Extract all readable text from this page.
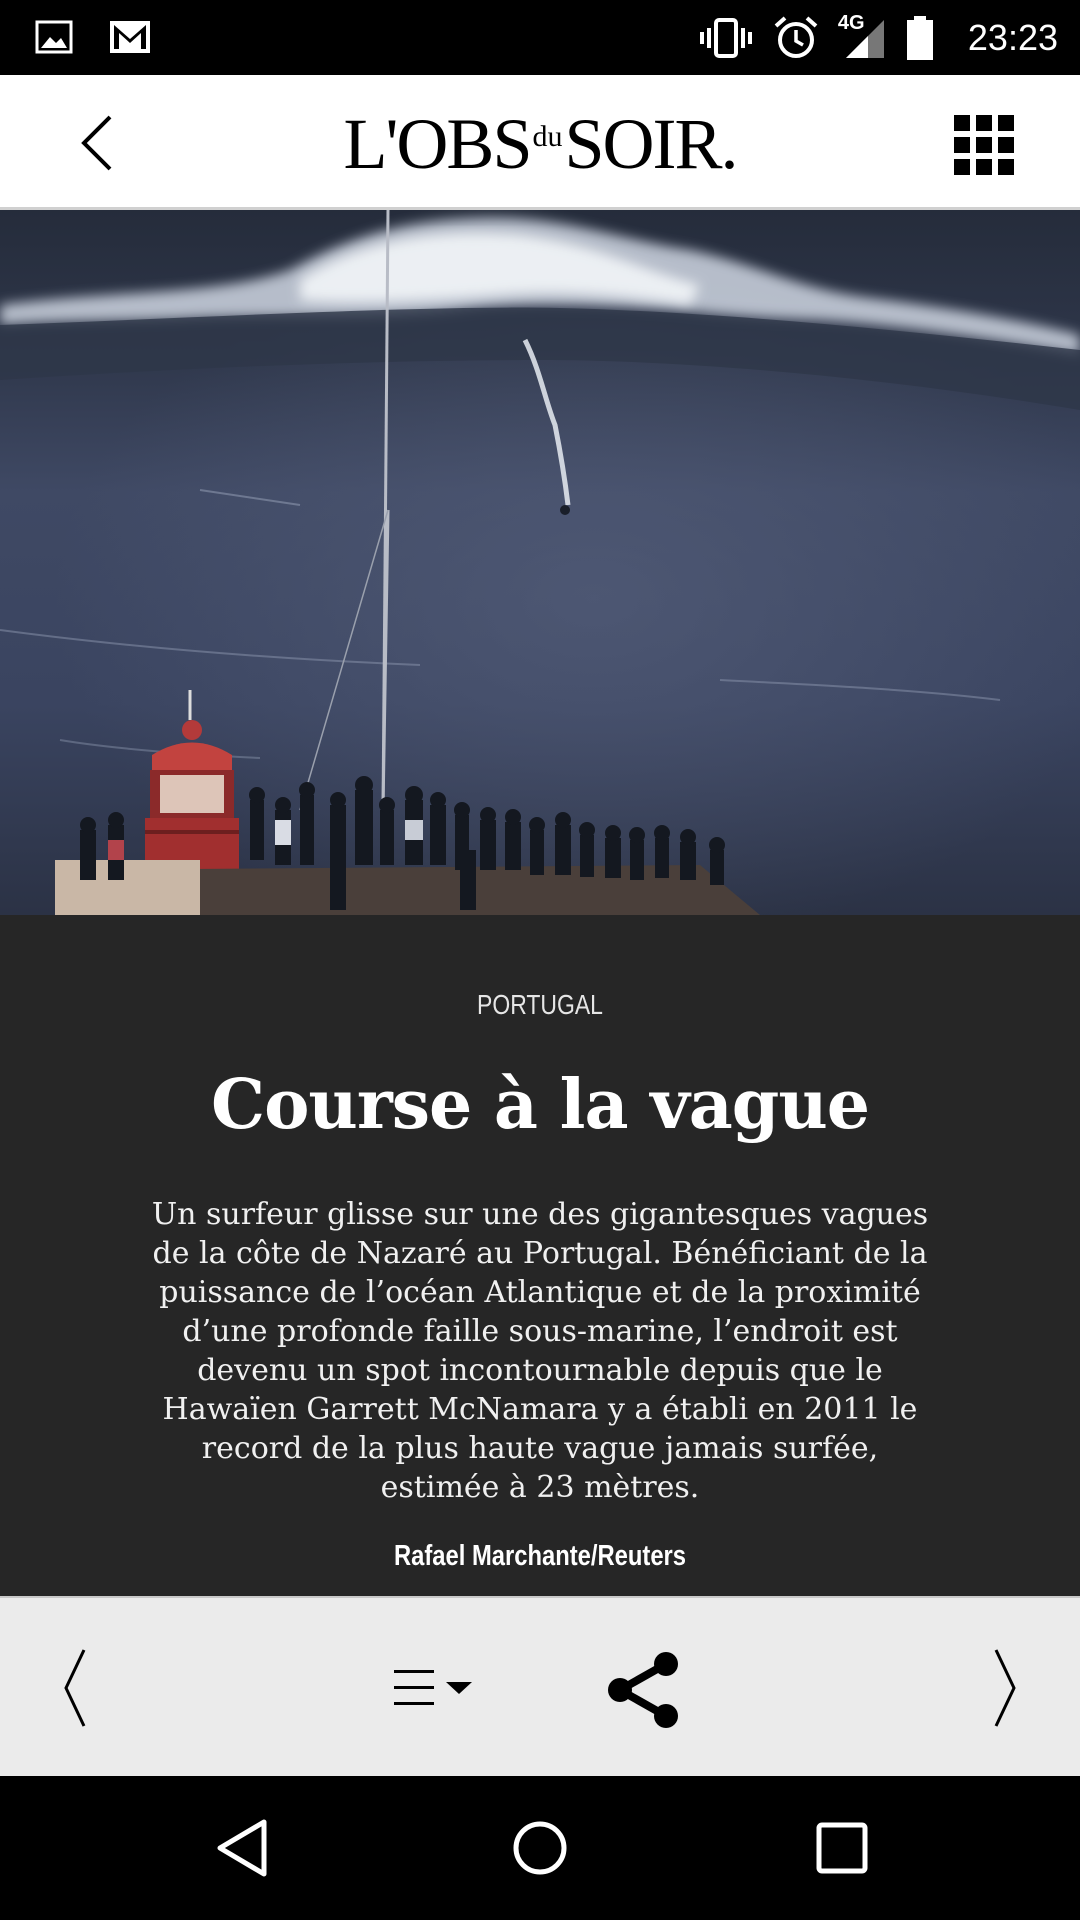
4G	23:23
L'OBSduSOIR.
PORTUGAL
Course à la vague

Un surfeur glisse sur une des gigantesques vagues de la côte de Nazaré au Portugal. Bénéficiant de la puissance de l’océan Atlantique et de la proximité d’une profonde faille sous-marine, l’endroit est devenu un spot incontournable depuis que le Hawaïen Garrett McNamara y a établi en 2011 le record de la plus haute vague jamais surfée, estimée à 23 mètres.

Rafael Marchante/Reuters
